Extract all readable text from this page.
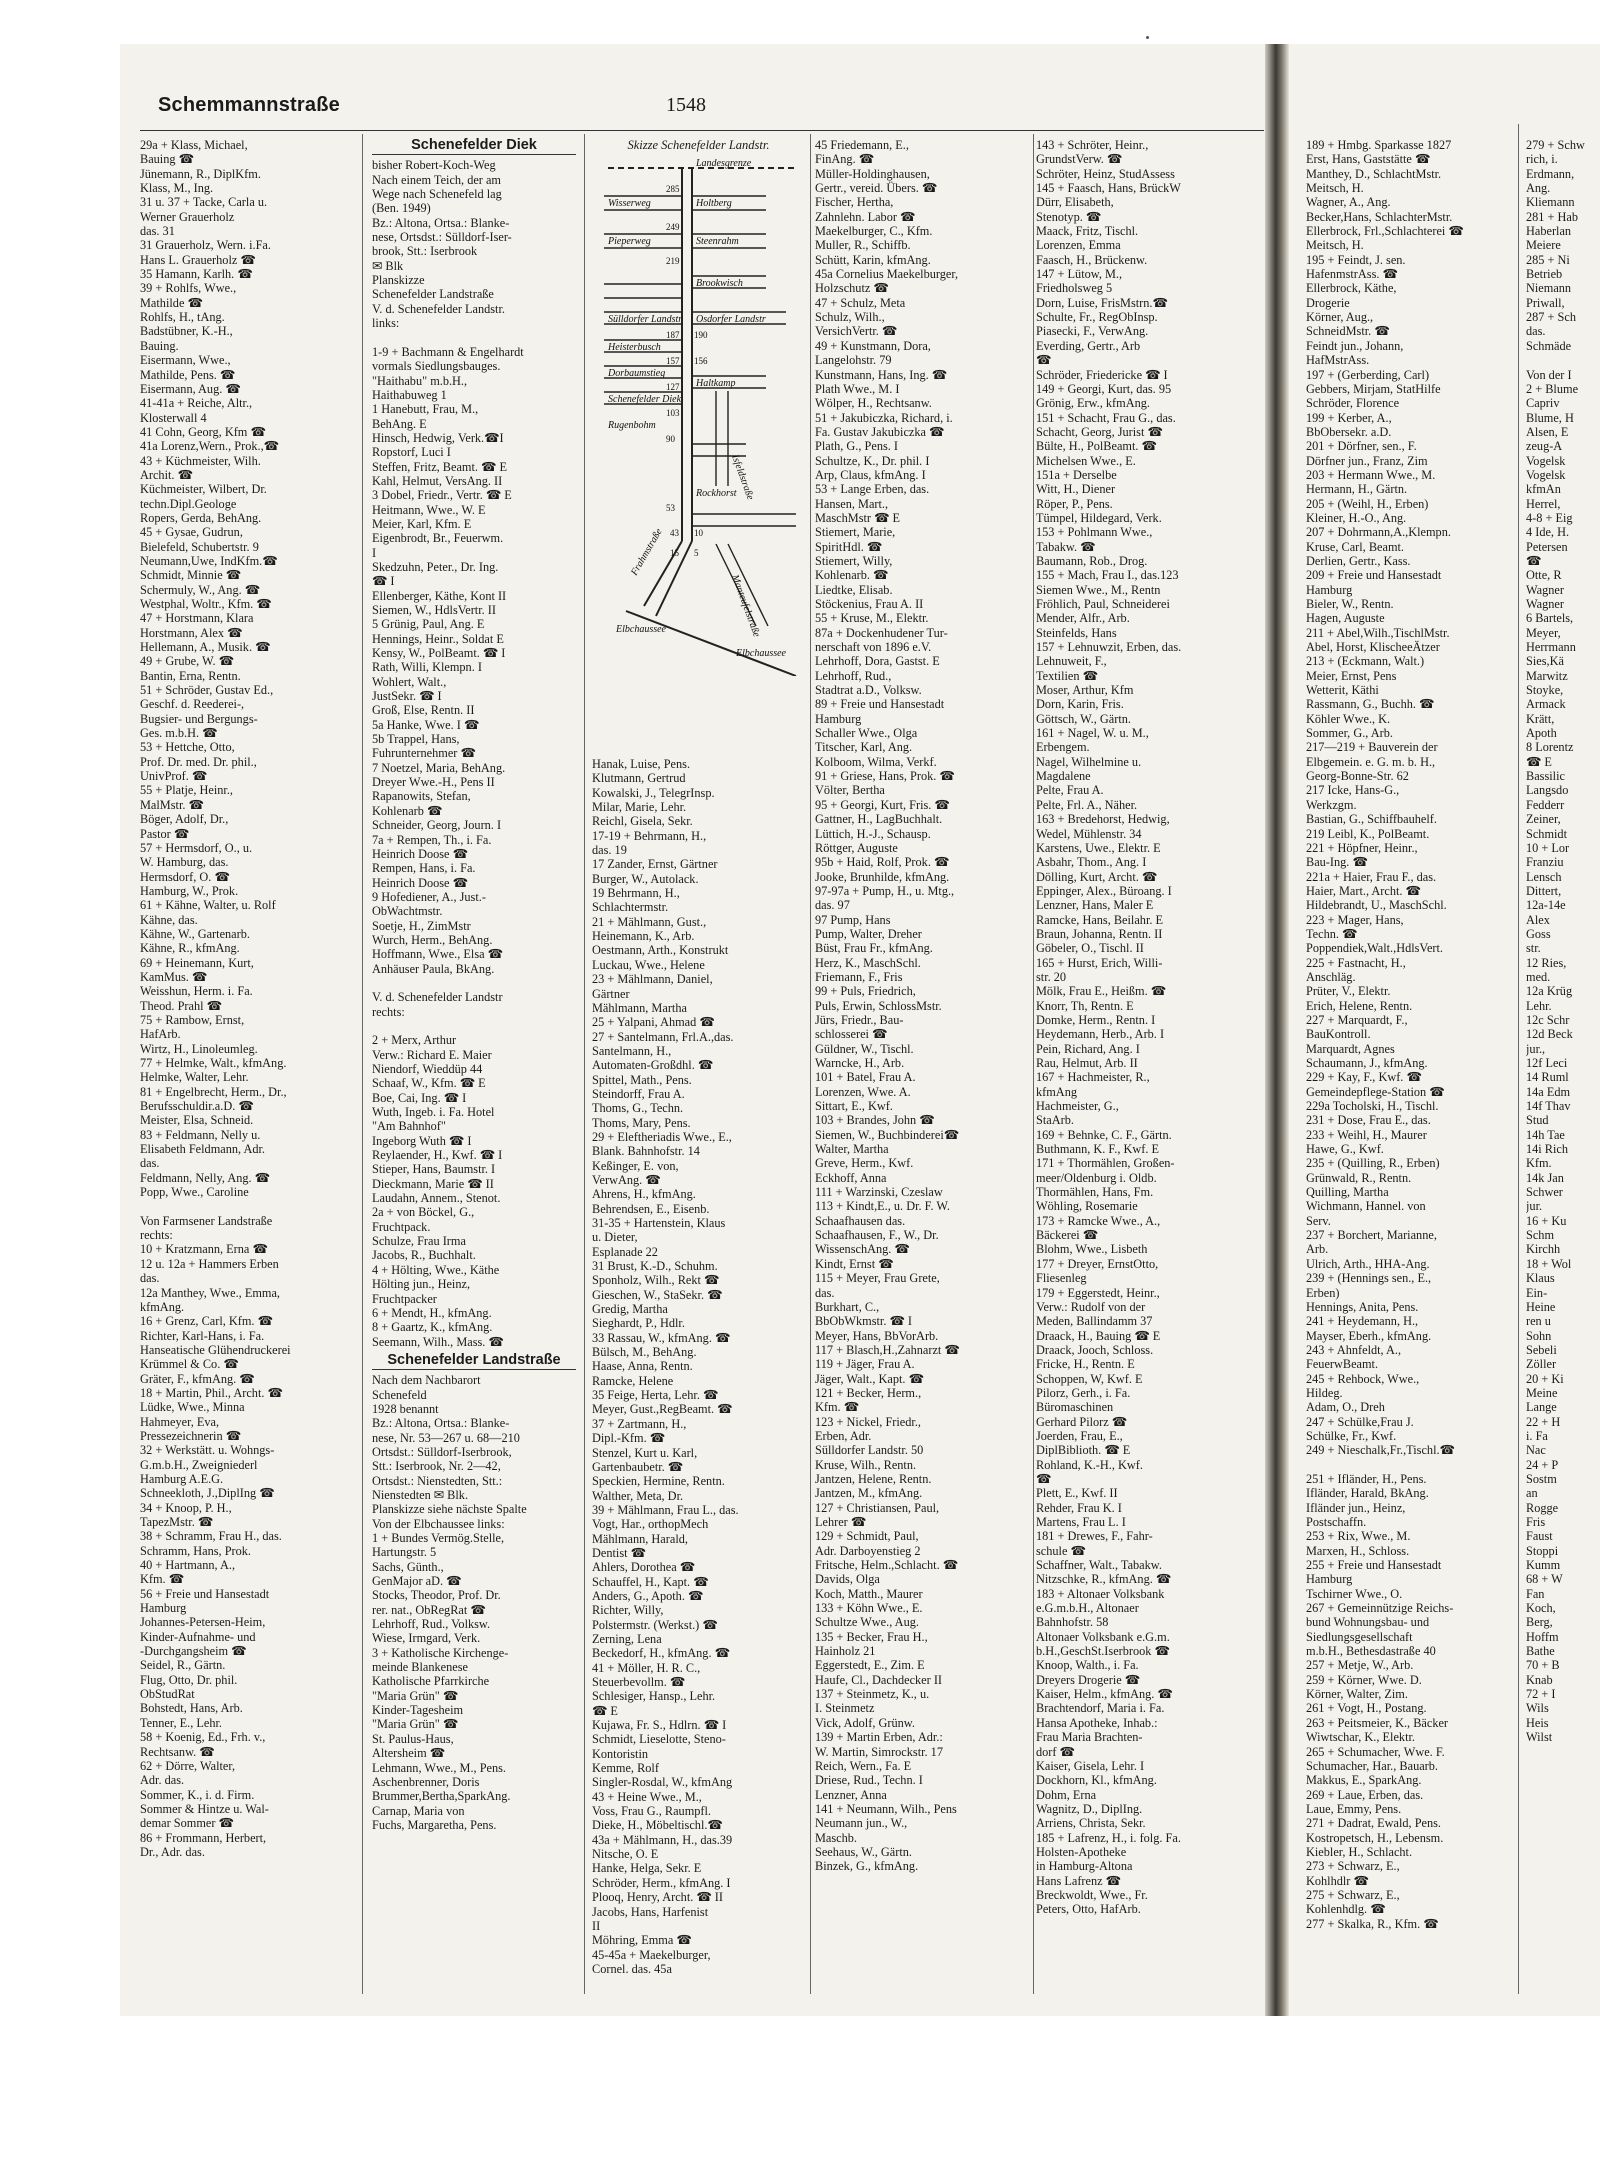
Schemmannstraße	1548
29a + Klass, Michael,
Bauing ☎
Jünemann, R., DiplKfm.
Klass, M., Ing.
31 u. 37 + Tacke, Carla u.
Werner Grauerholz
das. 31
31 Grauerholz, Wern. i.Fa.
Hans L. Grauerholz ☎
35 Hamann, Karlh. ☎
39 + Rohlfs, Wwe.,
Mathilde ☎
Rohlfs, H., tAng.
Badstübner, K.-H.,
Bauing.
Eisermann, Wwe.,
Mathilde, Pens. ☎
Eisermann, Aug. ☎
41-41a + Reiche, Altr.,
Klosterwall 4
41 Cohn, Georg, Kfm ☎
41a Lorenz,Wern., Prok.,☎
43 + Küchmeister, Wilh.
Archit. ☎
Küchmeister, Wilbert, Dr.
techn.Dipl.Geologe
Ropers, Gerda, BehAng.
45 + Gysae, Gudrun,
Bielefeld, Schubertstr. 9
Neumann,Uwe, IndKfm.☎
Schmidt, Minnie ☎
Schermuly, W., Ang. ☎
Westphal, Woltr., Kfm. ☎
47 + Horstmann, Klara
Horstmann, Alex ☎
Hellemann, A., Musik. ☎
49 + Grube, W. ☎
Bantin, Erna, Rentn.
51 + Schröder, Gustav Ed.,
Geschf. d. Reederei-,
Bugsier- und Bergungs-
Ges. m.b.H. ☎
53 + Hettche, Otto,
Prof. Dr. med. Dr. phil.,
UnivProf. ☎
55 + Platje, Heinr.,
MalMstr. ☎
Böger, Adolf, Dr.,
Pastor ☎
57 + Hermsdorf, O., u.
W. Hamburg, das.
Hermsdorf, O. ☎
Hamburg, W., Prok.
61 + Kähne, Walter, u. Rolf
Kähne, das.
Kähne, W., Gartenarb.
Kähne, R., kfmAng.
69 + Heinemann, Kurt,
KamMus. ☎
Weisshun, Herm. i. Fa.
Theod. Prahl ☎
75 + Rambow, Ernst,
HafArb.
Wirtz, H., Linoleumleg.
77 + Helmke, Walt., kfmAng.
Helmke, Walter, Lehr.
81 + Engelbrecht, Herm., Dr.,
Berufsschuldir.a.D. ☎
Meister, Elsa, Schneid.
83 + Feldmann, Nelly u.
Elisabeth Feldmann, Adr.
das.
Feldmann, Nelly, Ang. ☎
Popp, Wwe., Caroline

Von Farmsener Landstraße
rechts:
10 + Kratzmann, Erna ☎
12 u. 12a + Hammers Erben
das.
12a Manthey, Wwe., Emma,
kfmAng.
16 + Grenz, Carl, Kfm. ☎
Richter, Karl-Hans, i. Fa.
Hanseatische Glühendruckerei
Krümmel & Co. ☎
Gräter, F., kfmAng. ☎
18 + Martin, Phil., Archt. ☎
Lüdke, Wwe., Minna
Hahmeyer, Eva,
Pressezeichnerin ☎
32 + Werkstätt. u. Wohngs-
G.m.b.H., Zweigniederl
Hamburg A.E.G.
Schneekloth, J.,DiplIng ☎
34 + Knoop, P. H.,
TapezMstr. ☎
38 + Schramm, Frau H., das.
Schramm, Hans, Prok.
40 + Hartmann, A.,
Kfm. ☎
56 + Freie und Hansestadt
Hamburg
Johannes-Petersen-Heim,
Kinder-Aufnahme- und
-Durchgangsheim ☎
Seidel, R., Gärtn.
Flug, Otto, Dr. phil.
ObStudRat
Bohstedt, Hans, Arb.
Tenner, E., Lehr.
58 + Koenig, Ed., Frh. v.,
Rechtsanw. ☎
62 + Dörre, Walter,
Adr. das.
Sommer, K., i. d. Firm.
Sommer & Hintze u. Wal-
demar Sommer ☎
86 + Frommann, Herbert,
Dr., Adr. das.
Schenefelder Diek
bisher Robert-Koch-Weg
Nach einem Teich, der am
Wege nach Schenefeld lag
(Ben. 1949)
Bz.: Altona, Ortsa.: Blanke-
nese, Ortsdst.: Sülldorf-Iser-
brook, Stt.: Iserbrook
✉ Blk
Planskizze
Schenefelder Landstraße
V. d. Schenefelder Landstr.
links:

1-9 + Bachmann & Engelhardt
vormals Siedlungsbauges.
"Haithabu" m.b.H.,
Haithabuweg 1
1 Hanebutt, Frau, M.,
BehAng. E
Hinsch, Hedwig, Verk.☎I
Ropstorf, Luci I
Steffen, Fritz, Beamt. ☎ E
Kahl, Helmut, VersAng. II
3 Dobel, Friedr., Vertr. ☎ E
Heitmann, Wwe., W. E
Meier, Karl, Kfm. E
Eigenbrodt, Br., Feuerwm.
I
Skedzuhn, Peter., Dr. Ing.
☎ I
Ellenberger, Käthe, Kont II
Siemen, W., HdlsVertr. II
5 Grünig, Paul, Ang. E
Hennings, Heinr., Soldat E
Kensy, W., PolBeamt. ☎ I
Rath, Willi, Klempn. I
Wohlert, Walt.,
JustSekr. ☎ I
Groß, Else, Rentn. II
5a Hanke, Wwe. I ☎
5b Trappel, Hans,
Fuhrunternehmer ☎
7 Noetzel, Maria, BehAng.
Dreyer Wwe.-H., Pens II
Rapanowits, Stefan,
Kohlenarb ☎
Schneider, Georg, Journ. I
7a + Rempen, Th., i. Fa.
Heinrich Doose ☎
Rempen, Hans, i. Fa.
Heinrich Doose ☎
9 Hofediener, A., Just.-
ObWachtmstr.
Soetje, H., ZimMstr
Wurch, Herm., BehAng.
Hoffmann, Wwe., Elsa ☎
Anhäuser Paula, BkAng.

V. d. Schenefelder Landstr
rechts:

2 + Merx, Arthur
Verw.: Richard E. Maier
Niendorf, Wieddüp 44
Schaaf, W., Kfm. ☎ E
Boe, Cai, Ing. ☎ I
Wuth, Ingeb. i. Fa. Hotel
"Am Bahnhof"
Ingeborg Wuth ☎ I
Reylaender, H., Kwf. ☎ I
Stieper, Hans, Baumstr. I
Dieckmann, Marie ☎ II
Laudahn, Annem., Stenot.
2a + von Böckel, G.,
Fruchtpack.
Schulze, Frau Irma
Jacobs, R., Buchhalt.
4 + Hölting, Wwe., Käthe
Hölting jun., Heinz,
Fruchtpacker
6 + Mendt, H., kfmAng.
8 + Gaartz, K., kfmAng.
Seemann, Wilh., Mass. ☎
Schenefelder Landstraße
Nach dem Nachbarort
Schenefeld
1928 benannt
Bz.: Altona, Ortsa.: Blanke-
nese, Nr. 53—267 u. 68—210
Ortsdst.: Sülldorf-Iserbrook,
Stt.: Iserbrook, Nr. 2—42,
Ortsdst.: Nienstedten, Stt.:
Nienstedten ✉ Blk.
Planskizze siehe nächste Spalte
Von der Elbchaussee links:
1 + Bundes Vermög.Stelle,
Hartungstr. 5
Sachs, Günth.,
GenMajor aD. ☎
Stocks, Theodor, Prof. Dr.
rer. nat., ObRegRat ☎
Lehrhoff, Rud., Volksw.
Wiese, Irmgard, Verk.
3 + Katholische Kirchenge-
meinde Blankenese
Katholische Pfarrkirche
"Maria Grün" ☎
Kinder-Tagesheim
"Maria Grün" ☎
St. Paulus-Haus,
Altersheim ☎
Lehmann, Wwe., M., Pens.
Aschenbrenner, Doris
Brummer,Bertha,SparkAng.
Carnap, Maria von
Fuchs, Margaretha, Pens.
Skizze Schenefelder Landstr.
Landesgrenze
Wisserweg
Pieperweg
Sülldorfer Landstr
Heisterbusch
Dorbaumstieg
Schenefelder Diek
Rugenbohm
Frahmstraße
Elbchaussee
Holtberg
Steenrahm
Brookwisch
Osdorfer Landstr
Haltkamp
Isfeldstraße
Rockhorst
Manteufelstraße
Elbchaussee
285
249
219
187
157
127
103
90
53
43
15
10
190
156
5
Hanak, Luise, Pens.
Klutmann, Gertrud
Kowalski, J., TelegrInsp.
Milar, Marie, Lehr.
Reichl, Gisela, Sekr.
17-19 + Behrmann, H.,
das. 19
17 Zander, Ernst, Gärtner
Burger, W., Autolack.
19 Behrmann, H.,
Schlachtermstr.
21 + Mählmann, Gust.,
Heinemann, K., Arb.
Oestmann, Arth., Konstrukt
Luckau, Wwe., Helene
23 + Mählmann, Daniel,
Gärtner
Mählmann, Martha
25 + Yalpani, Ahmad ☎
27 + Santelmann, Frl.A.,das.
Santelmann, H.,
Automaten-Großdhl. ☎
Spittel, Math., Pens.
Steindorff, Frau A.
Thoms, G., Techn.
Thoms, Mary, Pens.
29 + Eleftheriadis Wwe., E.,
Blank. Bahnhofstr. 14
Keßinger, E. von,
VerwAng. ☎
Ahrens, H., kfmAng.
Behrendsen, E., Eisenb.
31-35 + Hartenstein, Klaus
u. Dieter,
Esplanade 22
31 Brust, K.-D., Schuhm.
Sponholz, Wilh., Rekt ☎
Gieschen, W., StaSekr. ☎
Gredig, Martha
Sieghardt, P., Hdlr.
33 Rassau, W., kfmAng. ☎
Bülsch, M., BehAng.
Haase, Anna, Rentn.
Ramcke, Helene
35 Feige, Herta, Lehr. ☎
Meyer, Gust.,RegBeamt. ☎
37 + Zartmann, H.,
Dipl.-Kfm. ☎
Stenzel, Kurt u. Karl,
Gartenbaubetr. ☎
Speckien, Hermine, Rentn.
Walther, Meta, Dr.
39 + Mählmann, Frau L., das.
Vogt, Har., orthopMech
Mählmann, Harald,
Dentist ☎
Ahlers, Dorothea ☎
Schauffel, H., Kapt. ☎
Anders, G., Apoth. ☎
Richter, Willy,
Polstermstr. (Werkst.) ☎
Zerning, Lena
Beckedorf, H., kfmAng. ☎
41 + Möller, H. R. C.,
Steuerbevollm. ☎
Schlesiger, Hansp., Lehr.
☎ E
Kujawa, Fr. S., Hdlrn. ☎ I
Schmidt, Lieselotte, Steno-
Kontoristin
Kemme, Rolf
Singler-Rosdal, W., kfmAng
43 + Heine Wwe., M.,
Voss, Frau G., Raumpfl.
Dieke, H., Möbeltischl.☎
43a + Mählmann, H., das.39
Nitsche, O. E
Hanke, Helga, Sekr. E
Schröder, Herm., kfmAng. I
Plooq, Henry, Archt. ☎ II
Jacobs, Hans, Harfenist
II
Möhring, Emma ☎
45-45a + Maekelburger,
Cornel. das. 45a
45 Friedemann, E.,
FinAng. ☎
Müller-Holdinghausen,
Gertr., vereid. Übers. ☎
Fischer, Hertha,
Zahnlehn. Labor ☎
Maekelburger, C., Kfm.
Muller, R., Schiffb.
Schütt, Karin, kfmAng.
45a Cornelius Maekelburger,
Holzschutz ☎
47 + Schulz, Meta
Schulz, Wilh.,
VersichVertr. ☎
49 + Kunstmann, Dora,
Langelohstr. 79
Kunstmann, Hans, Ing. ☎
Plath Wwe., M. I
Wölper, H., Rechtsanw.
51 + Jakubiczka, Richard, i.
Fa. Gustav Jakubiczka ☎
Plath, G., Pens. I
Schultze, K., Dr. phil. I
Arp, Claus, kfmAng. I
53 + Lange Erben, das.
Hansen, Mart.,
MaschMstr ☎ E
Stiemert, Marie,
SpiritHdl. ☎
Stiemert, Willy,
Kohlenarb. ☎
Liedtke, Elisab.
Stöckenius, Frau A. II
55 + Kruse, M., Elektr.
87a + Dockenhudener Tur-
nerschaft von 1896 e.V.
Lehrhoff, Dora, Gastst. E
Lehrhoff, Rud.,
Stadtrat a.D., Volksw.
89 + Freie und Hansestadt
Hamburg
Schaller Wwe., Olga
Titscher, Karl, Ang.
Kolboom, Wilma, Verkf.
91 + Griese, Hans, Prok. ☎
Völter, Bertha
95 + Georgi, Kurt, Fris. ☎
Gattner, H., LagBuchhalt.
Lüttich, H.-J., Schausp.
Röttger, Auguste
95b + Haid, Rolf, Prok. ☎
Jooke, Brunhilde, kfmAng.
97-97a + Pump, H., u. Mtg.,
das. 97
97 Pump, Hans
Pump, Walter, Dreher
Büst, Frau Fr., kfmAng.
Herz, K., MaschSchl.
Friemann, F., Fris
99 + Puls, Friedrich,
Puls, Erwin, SchlossMstr.
Jürs, Friedr., Bau-
schlosserei ☎
Güldner, W., Tischl.
Warncke, H., Arb.
101 + Batel, Frau A.
Lorenzen, Wwe. A.
Sittart, E., Kwf.
103 + Brandes, John ☎
Siemen, W., Buchbinderei☎
Walter, Martha
Greve, Herm., Kwf.
Eckhoff, Anna
111 + Warzinski, Czeslaw
113 + Kindt,E., u. Dr. F. W.
Schaafhausen das.
Schaafhausen, F., W., Dr.
WissenschAng. ☎
Kindt, Ernst ☎
115 + Meyer, Frau Grete,
das.
Burkhart, C.,
BbObWkmstr. ☎ I
Meyer, Hans, BbVorArb.
117 + Blasch,H.,Zahnarzt ☎
119 + Jäger, Frau A.
Jäger, Walt., Kapt. ☎
121 + Becker, Herm.,
Kfm. ☎
123 + Nickel, Friedr.,
Erben, Adr.
Sülldorfer Landstr. 50
Kruse, Wilh., Rentn.
Jantzen, Helene, Rentn.
Jantzen, M., kfmAng.
127 + Christiansen, Paul,
Lehrer ☎
129 + Schmidt, Paul,
Adr. Darboyenstieg 2
Fritsche, Helm.,Schlacht. ☎
Davids, Olga
Koch, Matth., Maurer
133 + Köhn Wwe., E.
Schultze Wwe., Aug.
135 + Becker, Frau H.,
Hainholz 21
Eggerstedt, E., Zim. E
Haufe, Cl., Dachdecker II
137 + Steinmetz, K., u.
I. Steinmetz
Vick, Adolf, Grünw.
139 + Martin Erben, Adr.:
W. Martin, Simrockstr. 17
Reich, Wern., Fa. E
Driese, Rud., Techn. I
Lenzner, Anna
141 + Neumann, Wilh., Pens
Neumann jun., W.,
Maschb.
Seehaus, W., Gärtn.
Binzek, G., kfmAng.
143 + Schröter, Heinr.,
GrundstVerw. ☎
Schröter, Heinz, StudAssess
145 + Faasch, Hans, BrückW
Dürr, Elisabeth,
Stenotyp. ☎
Maack, Fritz, Tischl.
Lorenzen, Emma
Faasch, H., Brückenw.
147 + Lütow, M.,
Friedholsweg 5
Dorn, Luise, FrisMstrn.☎
Schulte, Fr., RegObInsp.
Piasecki, F., VerwAng.
Everding, Gertr., Arb
☎
Schröder, Friedericke ☎ I
149 + Georgi, Kurt, das. 95
Grönig, Erw., kfmAng.
151 + Schacht, Frau G., das.
Schacht, Georg, Jurist ☎
Bülte, H., PolBeamt. ☎
Michelsen Wwe., E.
151a + Derselbe
Witt, H., Diener
Röper, P., Pens.
Tümpel, Hildegard, Verk.
153 + Pohlmann Wwe.,
Tabakw. ☎
Baumann, Rob., Drog.
155 + Mach, Frau I., das.123
Siemen Wwe., M., Rentn
Fröhlich, Paul, Schneiderei
Mender, Alfr., Arb.
Steinfelds, Hans
157 + Lehnuwzit, Erben, das.
Lehnuweit, F.,
Textilien ☎
Moser, Arthur, Kfm
Dorn, Karin, Fris.
Göttsch, W., Gärtn.
161 + Nagel, W. u. M.,
Erbengem.
Nagel, Wilhelmine u.
Magdalene
Pelte, Frau A.
Pelte, Frl. A., Näher.
163 + Bredehorst, Hedwig,
Wedel, Mühlenstr. 34
Karstens, Uwe., Elektr. E
Asbahr, Thom., Ang. I
Dölling, Kurt, Archt. ☎
Eppinger, Alex., Büroang. I
Lenzner, Hans, Maler E
Ramcke, Hans, Beilahr. E
Braun, Johanna, Rentn. II
Göbeler, O., Tischl. II
165 + Hurst, Erich, Willi-
str. 20
Mölk, Frau E., Heißm. ☎
Knorr, Th, Rentn. E
Domke, Herm., Rentn. I
Heydemann, Herb., Arb. I
Pein, Richard, Ang. I
Rau, Helmut, Arb. II
167 + Hachmeister, R.,
kfmAng
Hachmeister, G.,
StaArb.
169 + Behnke, C. F., Gärtn.
Buthmann, K. F., Kwf. E
171 + Thormählen, Großen-
meer/Oldenburg i. Oldb.
Thormählen, Hans, Fm.
Wöhling, Rosemarie
173 + Ramcke Wwe., A.,
Bäckerei ☎
Blohm, Wwe., Lisbeth
177 + Dreyer, ErnstOtto,
Fliesenleg
179 + Eggerstedt, Heinr.,
Verw.: Rudolf von der
Meden, Ballindamm 37
Draack, H., Bauing ☎ E
Draack, Jooch, Schloss.
Fricke, H., Rentn. E
Schoppen, W, Kwf. E
Pilorz, Gerh., i. Fa.
Büromaschinen
Gerhard Pilorz ☎
Joerden, Frau, E.,
DiplBiblioth. ☎ E
Rohland, K.-H., Kwf.
☎
Plett, E., Kwf. II
Rehder, Frau K. I
Martens, Frau L. I
181 + Drewes, F., Fahr-
schule ☎
Schaffner, Walt., Tabakw.
Nitzschke, R., kfmAng. ☎
183 + Altonaer Volksbank
e.G.m.b.H., Altonaer
Bahnhofstr. 58
Altonaer Volksbank e.G.m.
b.H.,GeschSt.Iserbrook ☎
Knoop, Walth., i. Fa.
Dreyers Drogerie ☎
Kaiser, Helm., kfmAng. ☎
Brachtendorf, Maria i. Fa.
Hansa Apotheke, Inhab.:
Frau Maria Brachten-
dorf ☎
Kaiser, Gisela, Lehr. I
Dockhorn, Kl., kfmAng.
Dohm, Erna
Wagnitz, D., DiplIng.
Arriens, Christa, Sekr.
185 + Lafrenz, H., i. folg. Fa.
Holsten-Apotheke
in Hamburg-Altona
Hans Lafrenz ☎
Breckwoldt, Wwe., Fr.
Peters, Otto, HafArb.
189 + Hmbg. Sparkasse 1827
Erst, Hans, Gaststätte ☎
Manthey, D., SchlachtMstr.
Meitsch, H.
Wagner, A., Ang.
Becker,Hans, SchlachterMstr.
Ellerbrock, Frl.,Schlachterei ☎
Meitsch, H.
195 + Feindt, J. sen.
HafenmstrAss. ☎
Ellerbrock, Käthe,
Drogerie
Körner, Aug.,
SchneidMstr. ☎
Feindt jun., Johann,
HafMstrAss.
197 + (Gerberding, Carl)
Gebbers, Mirjam, StatHilfe
Schröder, Florence
199 + Kerber, A.,
BbObersekr. a.D.
201 + Dörfner, sen., F.
Dörfner jun., Franz, Zim
203 + Hermann Wwe., M.
Hermann, H., Gärtn.
205 + (Weihl, H., Erben)
Kleiner, H.-O., Ang.
207 + Dohrmann,A.,Klempn.
Kruse, Carl, Beamt.
Derlien, Gertr., Kass.
209 + Freie und Hansestadt
Hamburg
Bieler, W., Rentn.
Hagen, Auguste
211 + Abel,Wilh.,TischlMstr.
Abel, Horst, KlischeeÄtzer
213 + (Eckmann, Walt.)
Meier, Ernst, Pens
Wetterit, Käthi
Rassmann, G., Buchh. ☎
Köhler Wwe., K.
Sommer, G., Arb.
217—219 + Bauverein der
Elbgemein. e. G. m. b. H.,
Georg-Bonne-Str. 62
217 Icke, Hans-G.,
Werkzgm.
Bastian, G., Schiffbauhelf.
219 Leibl, K., PolBeamt.
221 + Höpfner, Heinr.,
Bau-Ing. ☎
221a + Haier, Frau F., das.
Haier, Mart., Archt. ☎
Hildebrandt, U., MaschSchl.
223 + Mager, Hans,
Techn. ☎
Poppendiek,Walt.,HdlsVert.
225 + Fastnacht, H.,
Anschläg.
Prüter, V., Elektr.
Erich, Helene, Rentn.
227 + Marquardt, F.,
BauKontroll.
Marquardt, Agnes
Schaumann, J., kfmAng.
229 + Kay, F., Kwf. ☎
Gemeindepflege-Station ☎
229a Tocholski, H., Tischl.
231 + Dose, Frau E., das.
233 + Weihl, H., Maurer
Hawe, G., Kwf.
235 + (Quilling, R., Erben)
Grünwald, R., Rentn.
Quilling, Martha
Wichmann, Hannel. von
Serv.
237 + Borchert, Marianne,
Arb.
Ulrich, Arth., HHA-Ang.
239 + (Hennings sen., E.,
Erben)
Hennings, Anita, Pens.
241 + Heydemann, H.,
Mayser, Eberh., kfmAng.
243 + Ahnfeldt, A.,
FeuerwBeamt.
245 + Rehbock, Wwe.,
Hildeg.
Adam, O., Dreh
247 + Schülke,Frau J.
Schülke, Fr., Kwf.
249 + Nieschalk,Fr.,Tischl.☎

251 + Ifländer, H., Pens.
Ifländer, Harald, BkAng.
Ifländer jun., Heinz,
Postschaffn.
253 + Rix, Wwe., M.
Marxen, H., Schloss.
255 + Freie und Hansestadt
Hamburg
Tschirner Wwe., O.
267 + Gemeinnützige Reichs-
bund Wohnungsbau- und
Siedlungsgesellschaft
m.b.H., Bethesdastraße 40
257 + Metje, W., Arb.
259 + Körner, Wwe. D.
Körner, Walter, Zim.
261 + Vogt, H., Postang.
263 + Peitsmeier, K., Bäcker
Wiwtschar, K., Elektr.
265 + Schumacher, Wwe. F.
Schumacher, Har., Bauarb.
Makkus, E., SparkAng.
269 + Laue, Erben, das.
Laue, Emmy, Pens.
271 + Dadrat, Ewald, Pens.
Kostropetsch, H., Lebensm.
Kiebler, H., Schlacht.
273 + Schwarz, E.,
Kohlhdlr ☎
275 + Schwarz, E.,
Kohlenhdlg. ☎
277 + Skalka, R., Kfm. ☎
279 + Schw
rich, i.
Erdmann,
Ang.
Kliemann
281 + Hab
Haberlan
Meiere
285 + Ni
Betrieb
Niemann
Priwall,
287 + Sch
das.
Schmäde

Von der I
2 + Blume
Capriv
Blume, H
Alsen, E
zeug-A
Vogelsk
Vogelsk
kfmAn
Herrel,
4-8 + Eig
4 Ide, H.
Petersen
☎
Otte, R
Wagner
Wagner
6 Bartels,
Meyer,
Herrmann
Sies,Kä
Marwitz
Stoyke,
Armack
Krätt,
Apoth
8 Lorentz
☎ E
Bassilic
Langsdo
Fedderr
Zeiner,
Schmidt
10 + Lor
Franziu
Lensch
Dittert,
12a-14e
Alex
Goss
str.
12 Ries,
med.
12a Krüg
Lehr.
12c Schr
12d Beck
jur.,
12f Leci
14 Ruml
14a Edm
14f Thav
Stud
14h Tae
14i Rich
Kfm.
14k Jan
Schwer
jur.
16 + Ku
Schm
Kirchh
18 + Wol
Klaus
Ein-
Heine
ren u
Sohn
Sebeli
Zöller
20 + Ki
Meine
Lange
22 + H
i. Fa
Nac
24 + P
Sostm
an
Rogge
Fris
Faust
Stoppi
Kumm
68 + W
Fan
Koch,
Berg,
Hoffm
Bathe
70 + B
Knab
72 + I
Wils
Heis
Wilst
